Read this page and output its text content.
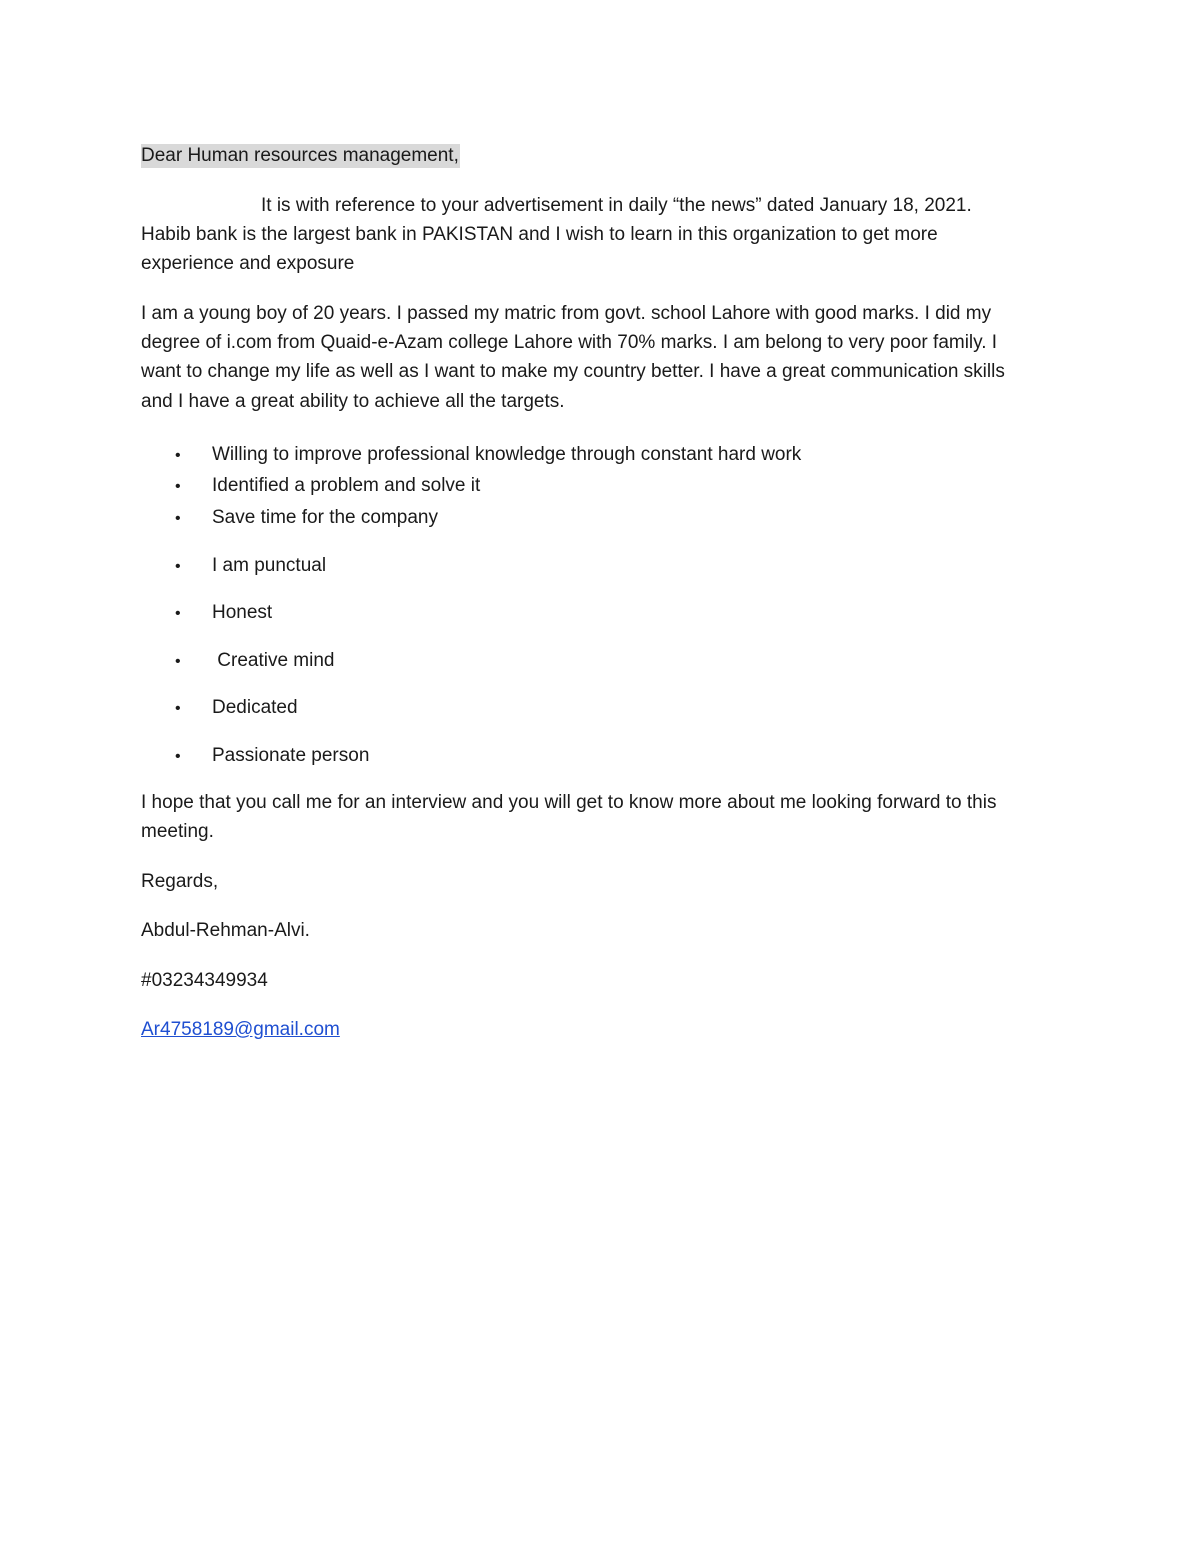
Dear Human resources management,
It is with reference to your advertisement in daily “the news” dated January 18, 2021.
Habib bank is the largest bank in PAKISTAN and I wish to learn in this organization to get more
experience and exposure
I am a young boy of 20 years. I passed my matric from govt. school Lahore with good marks. I did my
degree of i.com from Quaid-e-Azam college Lahore with 70% marks. I am belong to very poor family. I
want to change my life as well as I want to make my country better. I have a great communication skills
and I have a great ability to achieve all the targets.
• Willing to improve professional knowledge through constant hard work
• Identified a problem and solve it
• Save time for the company
• I am punctual
• Honest
• Creative mind
• Dedicated
• Passionate person
I hope that you call me for an interview and you will get to know more about me looking forward to this
meeting.
Regards,
Abdul-Rehman-Alvi.
#03234349934
Ar4758189@gmail.com
